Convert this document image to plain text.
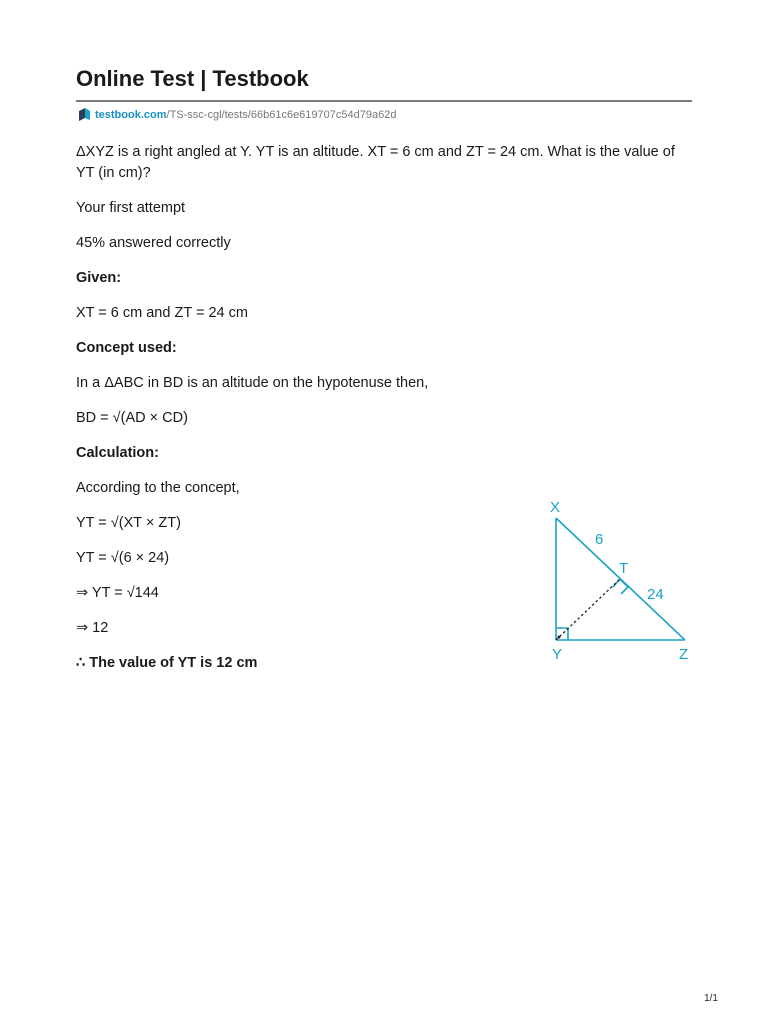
Online Test | Testbook
testbook.com /TS-ssc-cgl/tests/66b61c6e619707c54d79a62d

ΔXYZ is a right angled at Y. YT is an altitude. XT = 6 cm and ZT = 24 cm. What is the value of YT (in cm)?

Your first attempt

45% answered correctly

Given:

XT = 6 cm and ZT = 24 cm

Concept used:

In a ΔABC in BD is an altitude on the hypotenuse then,

BD = √(AD × CD)

Calculation:

According to the concept,

YT = √(XT × ZT)

YT = √(6 × 24)

⇒ YT = √144

⇒ 12

∴ The value of YT is 12 cm

X
Y	Z
T
6
24
1/1
